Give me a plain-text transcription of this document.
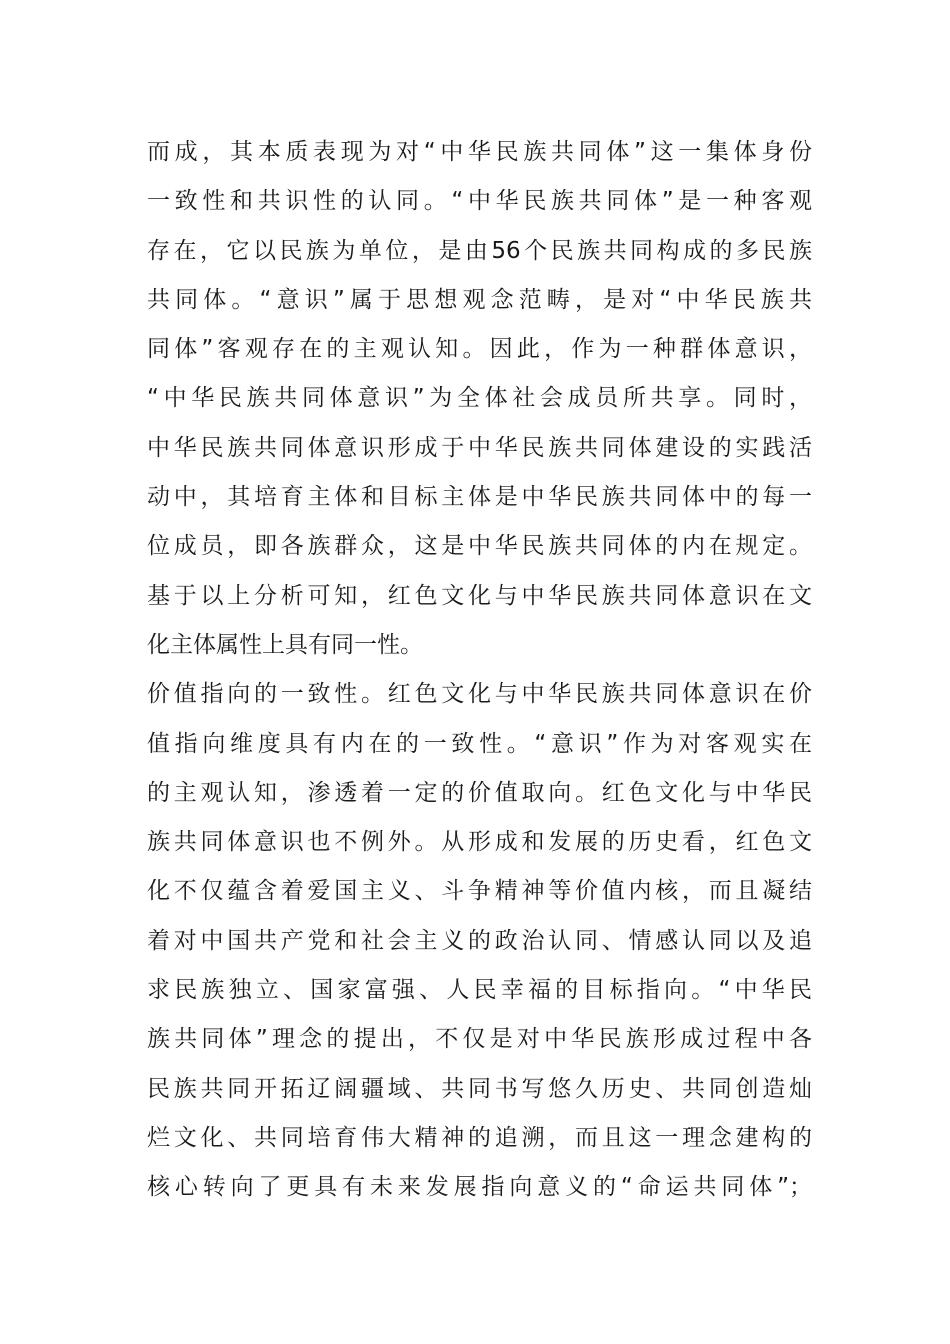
而成，其本质表现为对“中华民族共同体”这一集体身份
一致性和共识性的认同。“中华民族共同体”是一种客观
存在，它以民族为单位，是由56个民族共同构成的多民族
共同体。“意识”属于思想观念范畴，是对“中华民族共
同体”客观存在的主观认知。因此，作为一种群体意识，
“中华民族共同体意识”为全体社会成员所共享。同时，
中华民族共同体意识形成于中华民族共同体建设的实践活
动中，其培育主体和目标主体是中华民族共同体中的每一
位成员，即各族群众，这是中华民族共同体的内在规定。
基于以上分析可知，红色文化与中华民族共同体意识在文
化主体属性上具有同一性。
价值指向的一致性。红色文化与中华民族共同体意识在价
值指向维度具有内在的一致性。“意识”作为对客观实在
的主观认知，渗透着一定的价值取向。红色文化与中华民
族共同体意识也不例外。从形成和发展的历史看，红色文
化不仅蕴含着爱国主义、斗争精神等价值内核，而且凝结
着对中国共产党和社会主义的政治认同、情感认同以及追
求民族独立、国家富强、人民幸福的目标指向。“中华民
族共同体”理念的提出，不仅是对中华民族形成过程中各
民族共同开拓辽阔疆域、共同书写悠久历史、共同创造灿
烂文化、共同培育伟大精神的追溯，而且这一理念建构的
核心转向了更具有未来发展指向意义的“命运共同体”；
